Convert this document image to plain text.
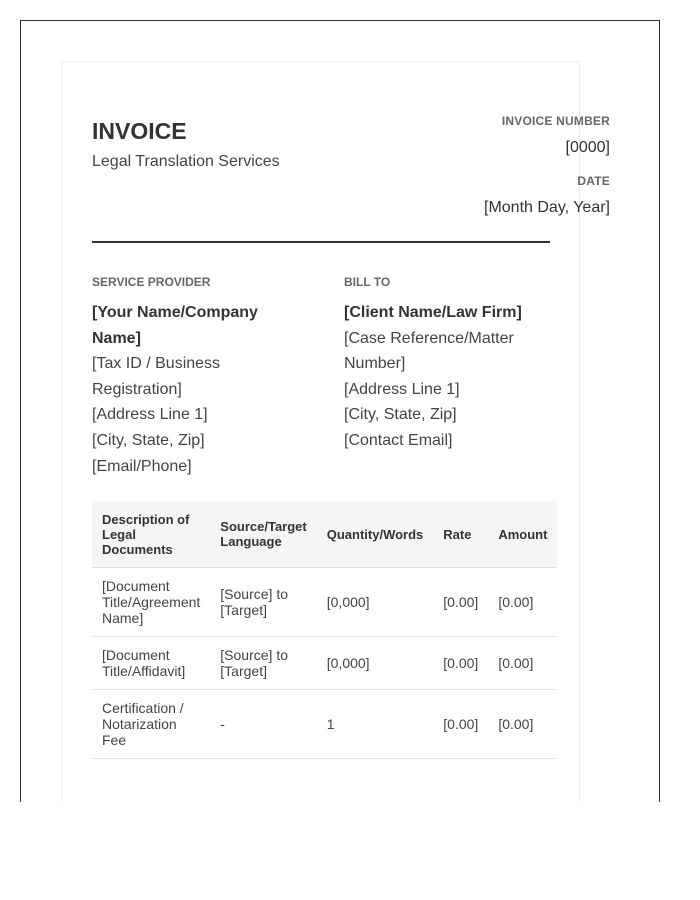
INVOICE
Legal Translation Services
INVOICE NUMBER
[0000]
DATE
[Month Day, Year]
SERVICE PROVIDER
[Your Name/Company Name]
[Tax ID / Business Registration]
[Address Line 1]
[City, State, Zip]
[Email/Phone]
BILL TO
[Client Name/Law Firm]
[Case Reference/Matter Number]
[Address Line 1]
[City, State, Zip]
[Contact Email]
Description of Legal Documents	Source/Target Language	Quantity/Words	Rate	Amount
[Document Title/Agreement Name]	[Source] to [Target]	[0,000]	[0.00]	[0.00]
[Document Title/Affidavit]	[Source] to [Target]	[0,000]	[0.00]	[0.00]
Certification / Notarization Fee	-	1	[0.00]	[0.00]
